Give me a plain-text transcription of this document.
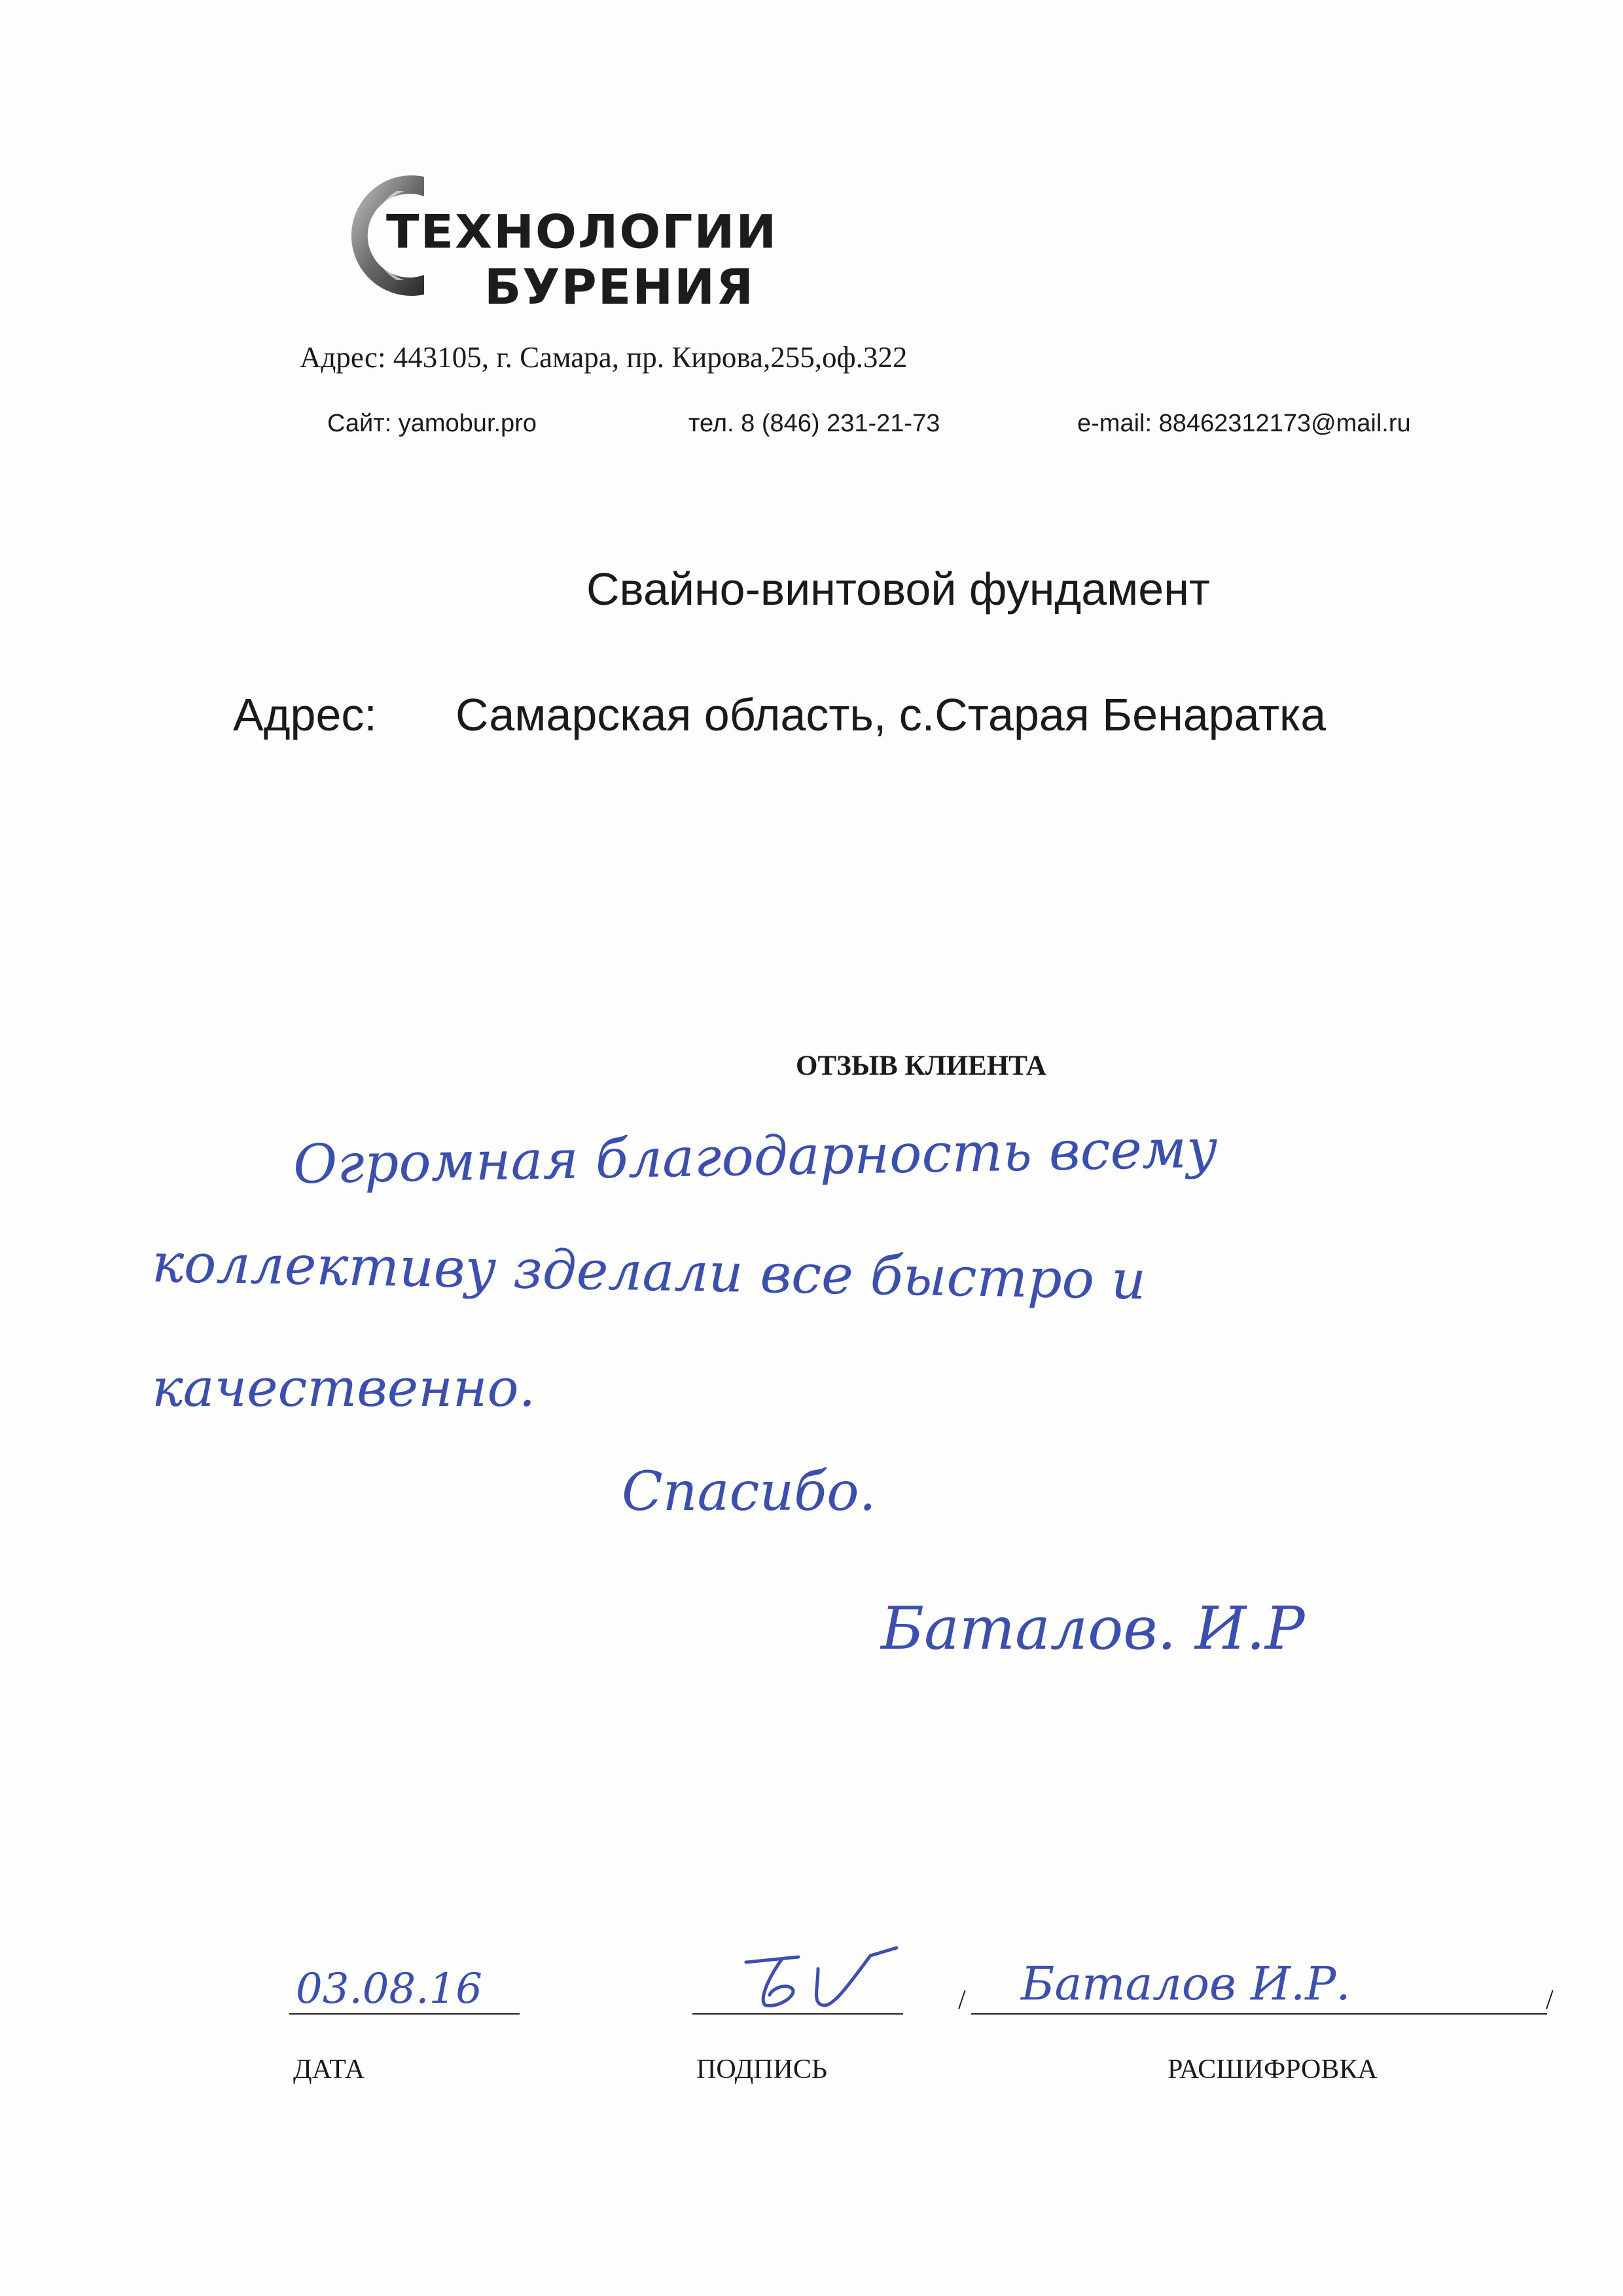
ТЕХНОЛОГИИ
БУРЕНИЯ
Адрес: 443105, г. Самара, пр. Кирова,255,оф.322
Сайт: yamobur.pro	тел. 8 (846) 231-21-73	e-mail: 88462312173@mail.ru
Свайно-винтовой фундамент
Адрес: Самарская область, с.Старая Бенаратка
ОТЗЫВ КЛИЕНТА
Огромная благодарность всему
коллективу зделали все быстро и
качественно.
Спасибо.
Баталов. И.Р
03.08.16
ДАТА	ПОДПИСЬ
/ Баталов И.Р.	/
РАСШИФРОВКА
